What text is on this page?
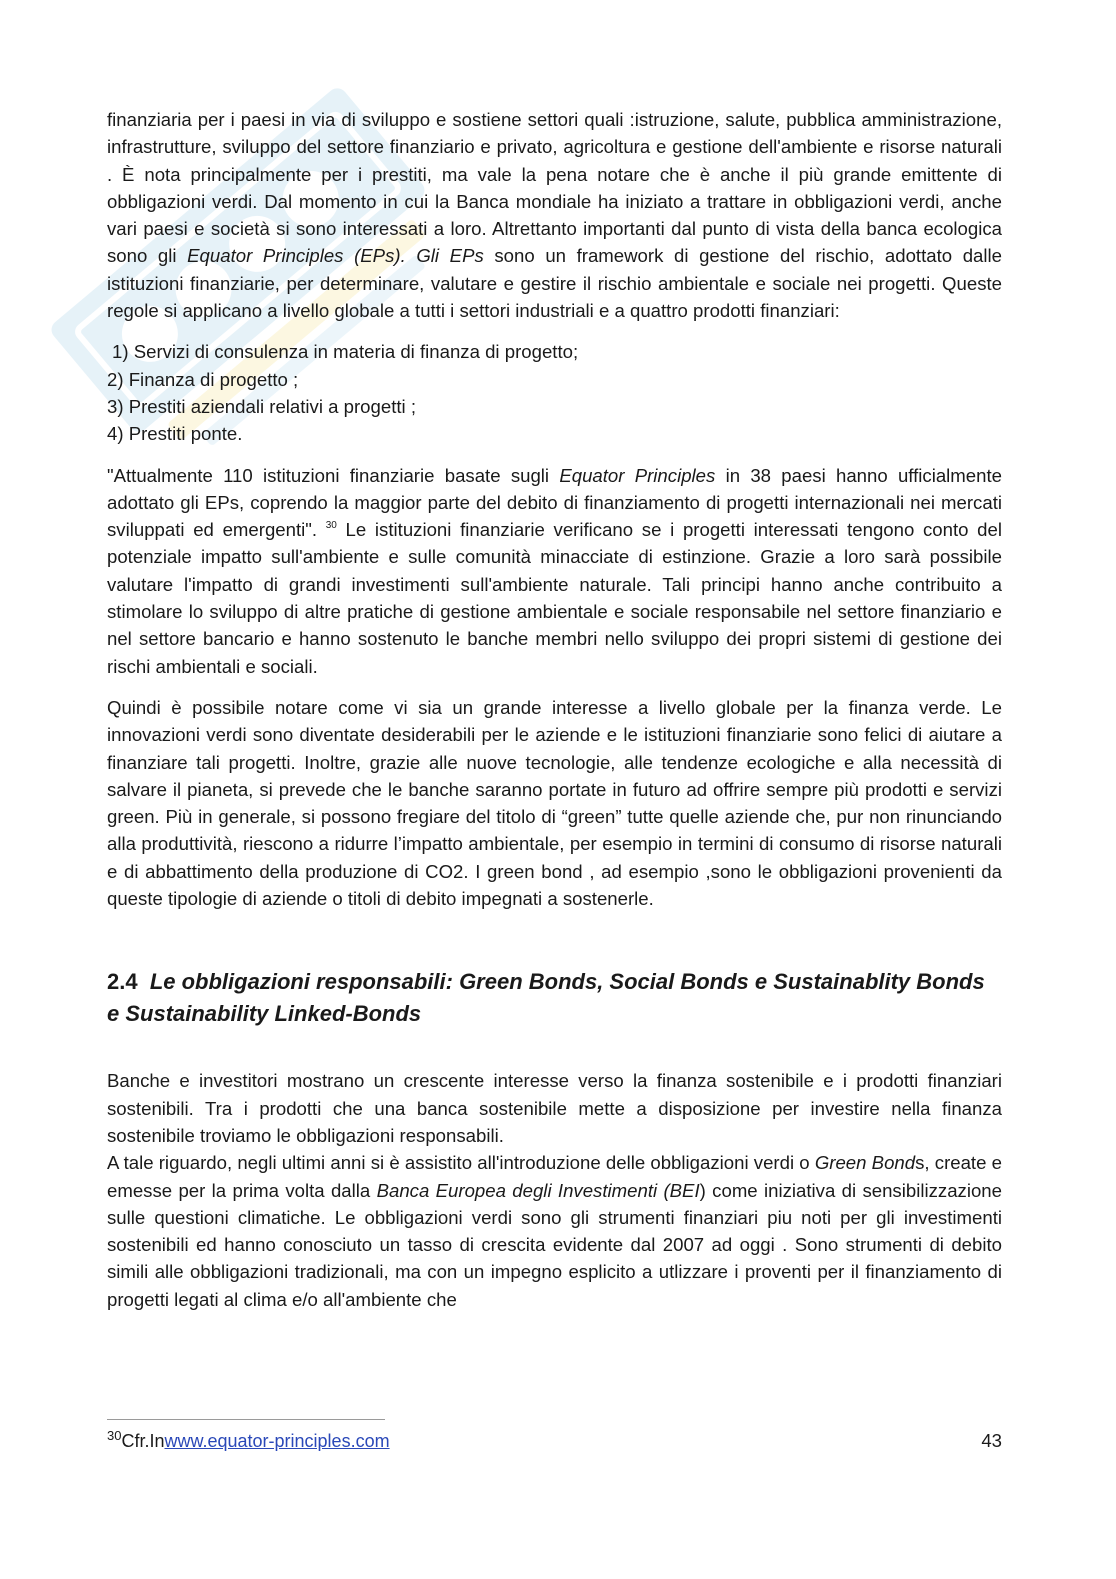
finanziaria per i paesi in via di sviluppo e sostiene settori quali :istruzione, salute, pubblica amministrazione, infrastrutture, sviluppo del settore finanziario e privato, agricoltura e gestione dell'ambiente e risorse naturali . È nota principalmente per i prestiti, ma vale la pena notare che è anche il più grande emittente di obbligazioni verdi. Dal momento in cui la Banca mondiale ha iniziato a trattare in obbligazioni verdi, anche vari paesi e società si sono interessati a loro. Altrettanto importanti dal punto di vista della banca ecologica sono gli Equator Principles (EPs). Gli EPs sono un framework di gestione del rischio, adottato dalle istituzioni finanziarie, per determinare, valutare e gestire il rischio ambientale e sociale nei progetti. Queste regole si applicano a livello globale a tutti i settori industriali e a quattro prodotti finanziari:

1) Servizi di consulenza in materia di finanza di progetto;
2) Finanza di progetto ;
3) Prestiti aziendali relativi a progetti ;
4) Prestiti ponte.

"Attualmente 110 istituzioni finanziarie basate sugli Equator Principles in 38 paesi hanno ufficialmente adottato gli EPs, coprendo la maggior parte del debito di finanziamento di progetti internazionali nei mercati sviluppati ed emergenti". $^{30}$ Le istituzioni finanziarie verificano se i progetti interessati tengono conto del potenziale impatto sull'ambiente e sulle comunità minacciate di estinzione. Grazie a loro sarà possibile valutare l'impatto di grandi investimenti sull'ambiente naturale. Tali principi hanno anche contribuito a stimolare lo sviluppo di altre pratiche di gestione ambientale e sociale responsabile nel settore finanziario e nel settore bancario e hanno sostenuto le banche membri nello sviluppo dei propri sistemi di gestione dei rischi ambientali e sociali.

Quindi è possibile notare come vi sia un grande interesse a livello globale per la finanza verde. Le innovazioni verdi sono diventate desiderabili per le aziende e le istituzioni finanziarie sono felici di aiutare a finanziare tali progetti. Inoltre, grazie alle nuove tecnologie, alle tendenze ecologiche e alla necessità di salvare il pianeta, si prevede che le banche saranno portate in futuro ad offrire sempre più prodotti e servizi green. Più in generale, si possono fregiare del titolo di “green” tutte quelle aziende che, pur non rinunciando alla produttività, riescono a ridurre l’impatto ambientale, per esempio in termini di consumo di risorse naturali e di abbattimento della produzione di CO2. I green bond , ad esempio ,sono le obbligazioni provenienti da queste tipologie di aziende o titoli di debito impegnati a sostenerle.

2.4 Le obbligazioni responsabili: Green Bonds, Social Bonds e Sustainablity Bonds e Sustainability Linked-Bonds

Banche e investitori mostrano un crescente interesse verso la finanza sostenibile e i prodotti finanziari sostenibili. Tra i prodotti che una banca sostenibile mette a disposizione per investire nella finanza sostenibile troviamo le obbligazioni responsabili.

A tale riguardo, negli ultimi anni si è assistito all'introduzione delle obbligazioni verdi o Green Bonds, create e emesse per la prima volta dalla Banca Europea degli Investimenti (BEI) come iniziativa di sensibilizzazione sulle questioni climatiche. Le obbligazioni verdi sono gli strumenti finanziari piu noti per gli investimenti sostenibili ed hanno conosciuto un tasso di crescita evidente dal 2007 ad oggi . Sono strumenti di debito simili alle obbligazioni tradizionali, ma con un impegno esplicito a utlizzare i proventi per il finanziamento di progetti legati al clima e/o all'ambiente che

$^{30}$Cfr.Inwww.equator-principles.com	43
